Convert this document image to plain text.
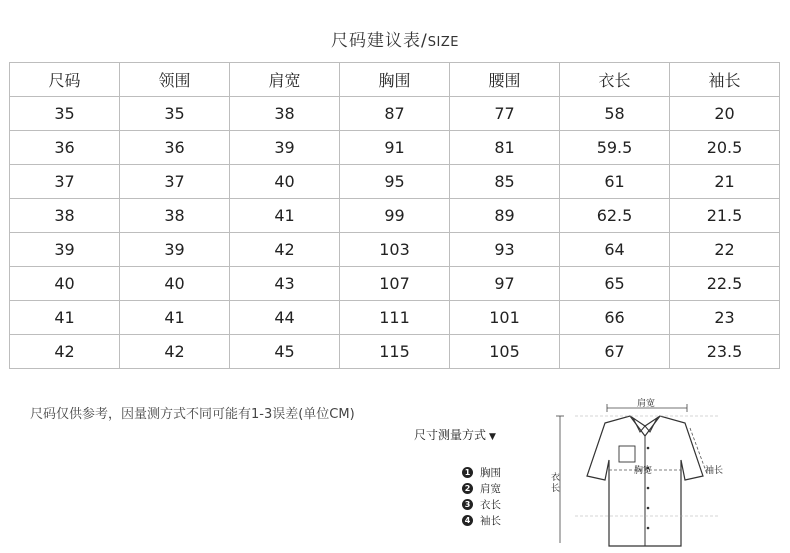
尺码建议表/SIZE
尺码	领围	肩宽	胸围	腰围	衣长	袖长
35	35	38	87	77	58	20
36	36	39	91	81	59.5	20.5
37	37	40	95	85	61	21
38	38	41	99	89	62.5	21.5
39	39	42	103	93	64	22
40	40	43	107	97	65	22.5
41	41	44	111	101	66	23
42	42	45	115	105	67	23.5
尺码仅供参考，因量测方式不同可能有1-3误差(单位CM)
尺寸测量方式 ▼
1 胸围
2 肩宽
3 衣长
4 袖长
肩宽
胸宽	袖长
衣长
